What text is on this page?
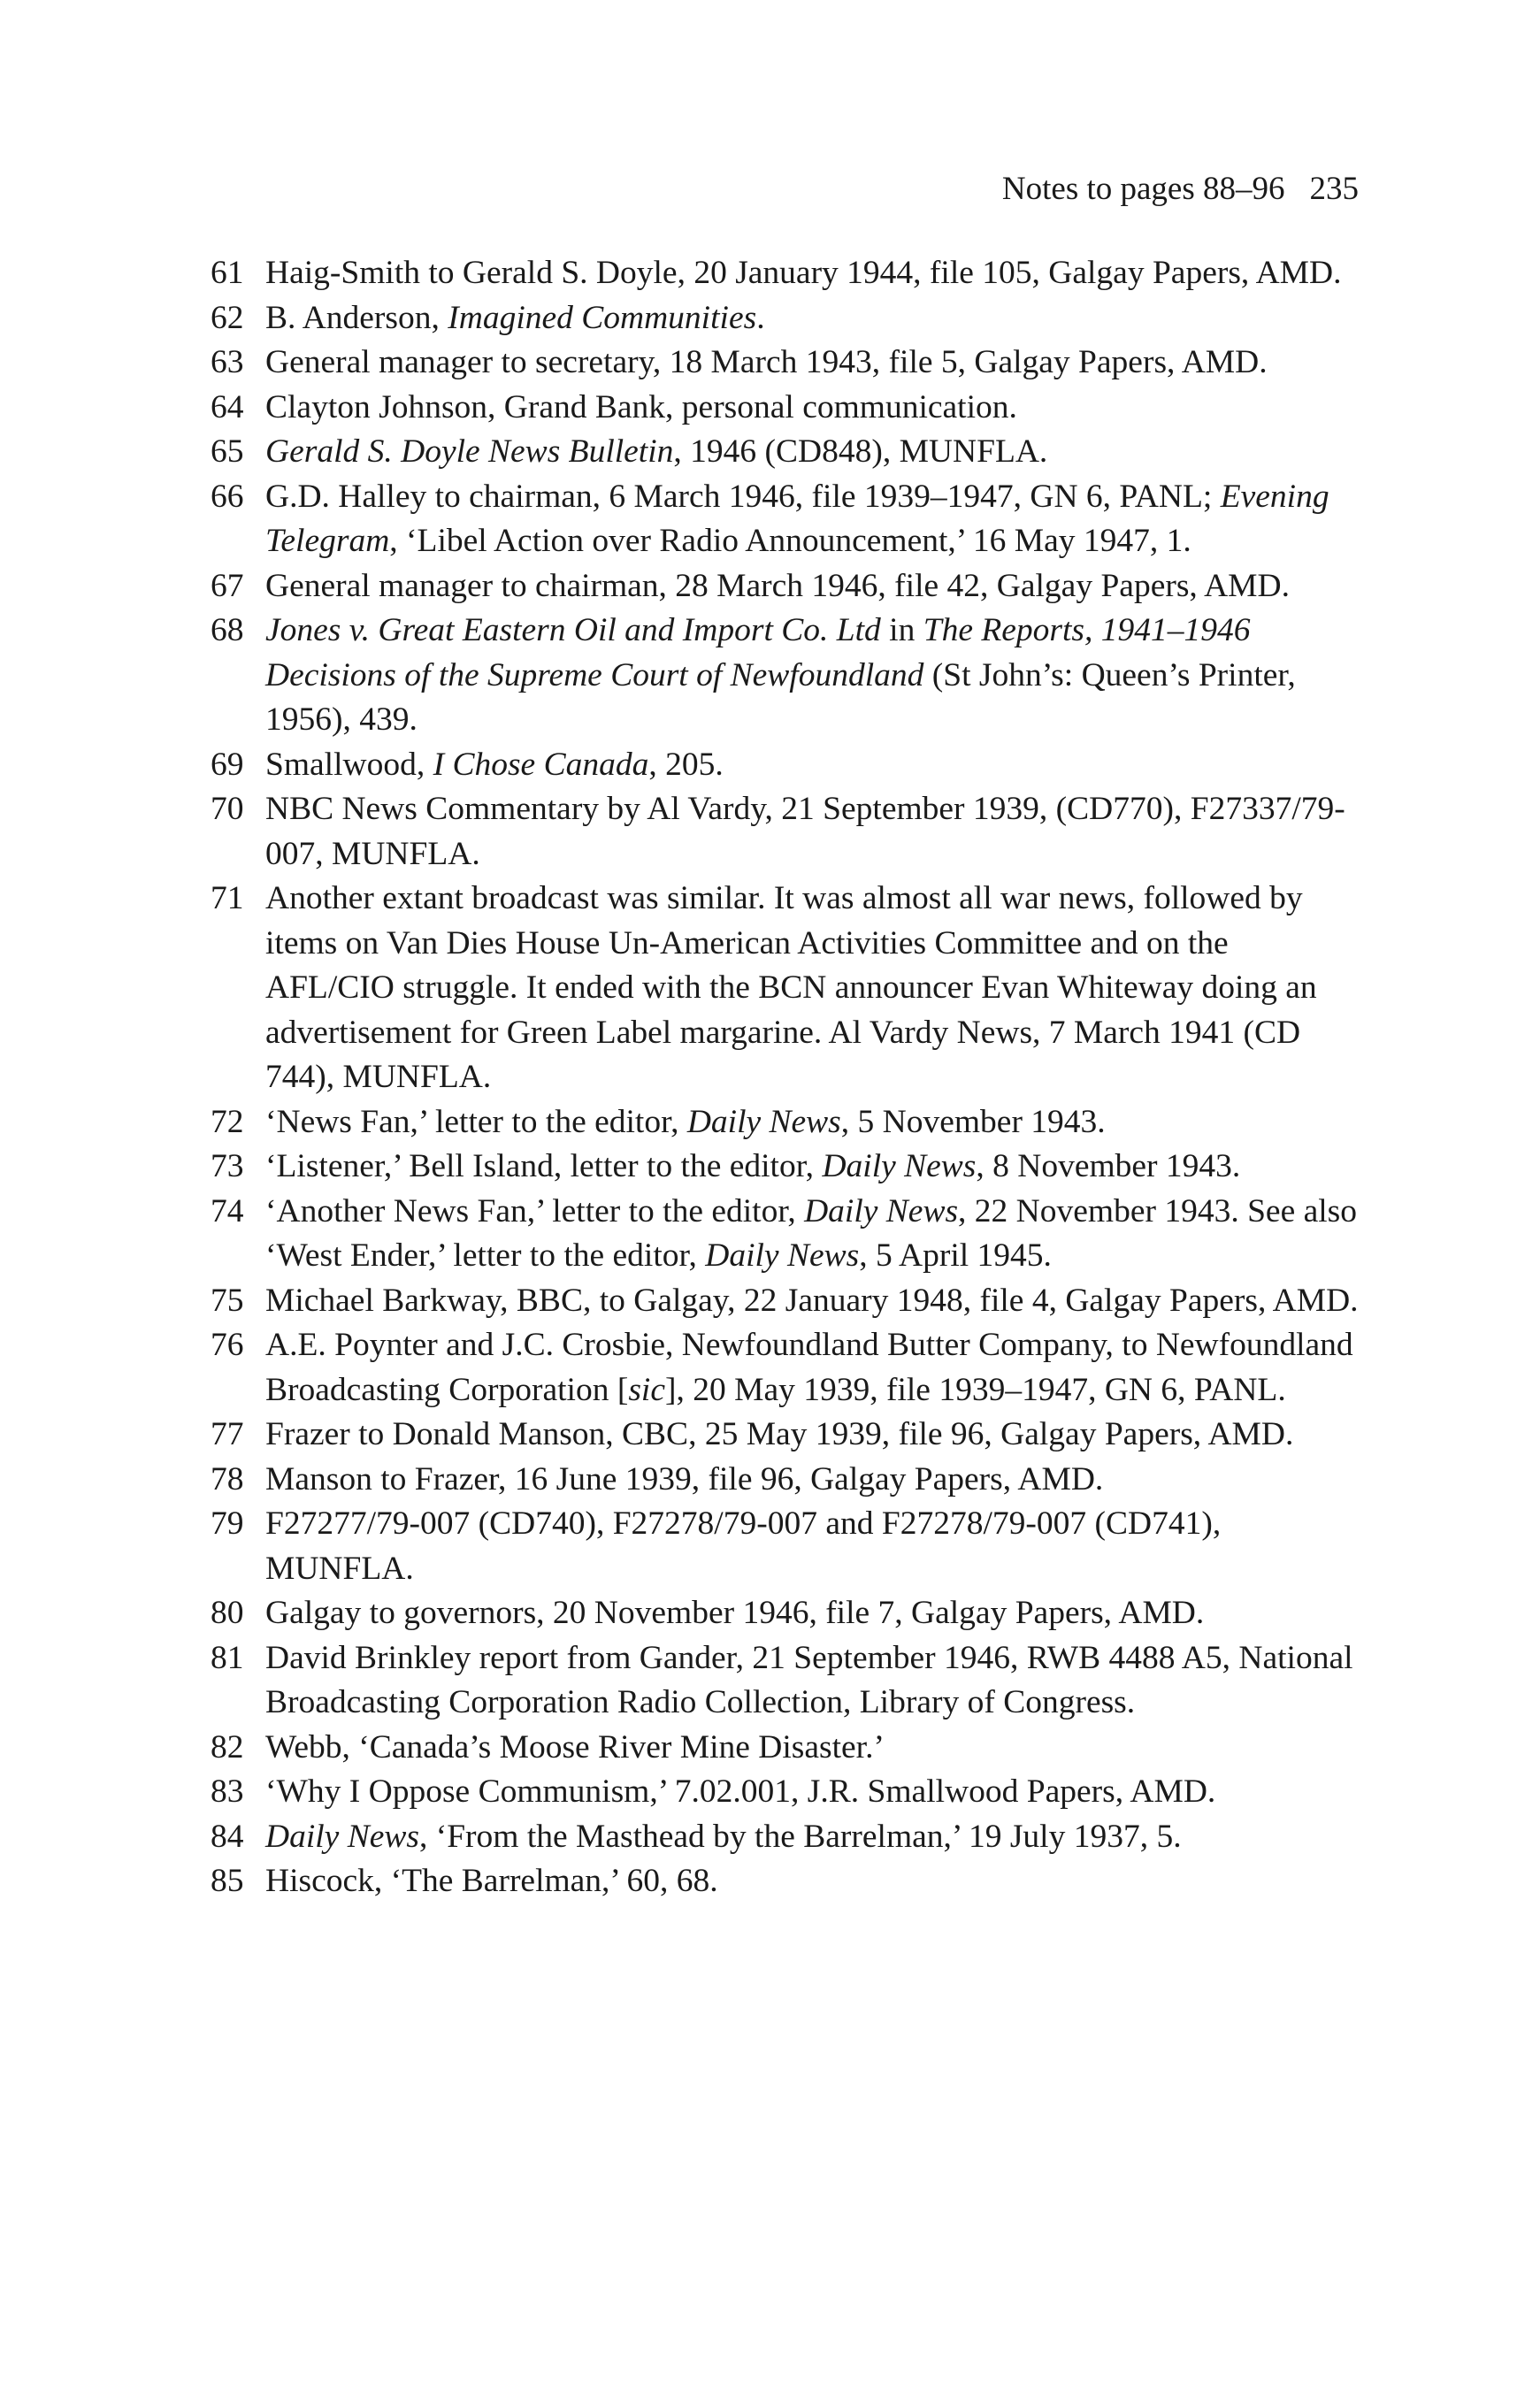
Notes to pages 88–96 235
61 Haig-Smith to Gerald S. Doyle, 20 January 1944, file 105, Galgay Papers, AMD.
62 B. Anderson, Imagined Communities.
63 General manager to secretary, 18 March 1943, file 5, Galgay Papers, AMD.
64 Clayton Johnson, Grand Bank, personal communication.
65 Gerald S. Doyle News Bulletin, 1946 (CD848), MUNFLA.
66 G.D. Halley to chairman, 6 March 1946, file 1939–1947, GN 6, PANL; Evening Telegram, ‘Libel Action over Radio Announcement,’ 16 May 1947, 1.
67 General manager to chairman, 28 March 1946, file 42, Galgay Papers, AMD.
68 Jones v. Great Eastern Oil and Import Co. Ltd in The Reports, 1941–1946 Decisions of the Supreme Court of Newfoundland (St John’s: Queen’s Printer, 1956), 439.
69 Smallwood, I Chose Canada, 205.
70 NBC News Commentary by Al Vardy, 21 September 1939, (CD770), F27337/79-007, MUNFLA.
71 Another extant broadcast was similar. It was almost all war news, followed by items on Van Dies House Un-American Activities Committee and on the AFL/CIO struggle. It ended with the BCN announcer Evan Whiteway doing an advertisement for Green Label margarine. Al Vardy News, 7 March 1941 (CD 744), MUNFLA.
72 ‘News Fan,’ letter to the editor, Daily News, 5 November 1943.
73 ‘Listener,’ Bell Island, letter to the editor, Daily News, 8 November 1943.
74 ‘Another News Fan,’ letter to the editor, Daily News, 22 November 1943. See also ‘West Ender,’ letter to the editor, Daily News, 5 April 1945.
75 Michael Barkway, BBC, to Galgay, 22 January 1948, file 4, Galgay Papers, AMD.
76 A.E. Poynter and J.C. Crosbie, Newfoundland Butter Company, to Newfoundland Broadcasting Corporation [sic], 20 May 1939, file 1939–1947, GN 6, PANL.
77 Frazer to Donald Manson, CBC, 25 May 1939, file 96, Galgay Papers, AMD.
78 Manson to Frazer, 16 June 1939, file 96, Galgay Papers, AMD.
79 F27277/79-007 (CD740), F27278/79-007 and F27278/79-007 (CD741), MUNFLA.
80 Galgay to governors, 20 November 1946, file 7, Galgay Papers, AMD.
81 David Brinkley report from Gander, 21 September 1946, RWB 4488 A5, National Broadcasting Corporation Radio Collection, Library of Congress.
82 Webb, ‘Canada’s Moose River Mine Disaster.’
83 ‘Why I Oppose Communism,’ 7.02.001, J.R. Smallwood Papers, AMD.
84 Daily News, ‘From the Masthead by the Barrelman,’ 19 July 1937, 5.
85 Hiscock, ‘The Barrelman,’ 60, 68.
